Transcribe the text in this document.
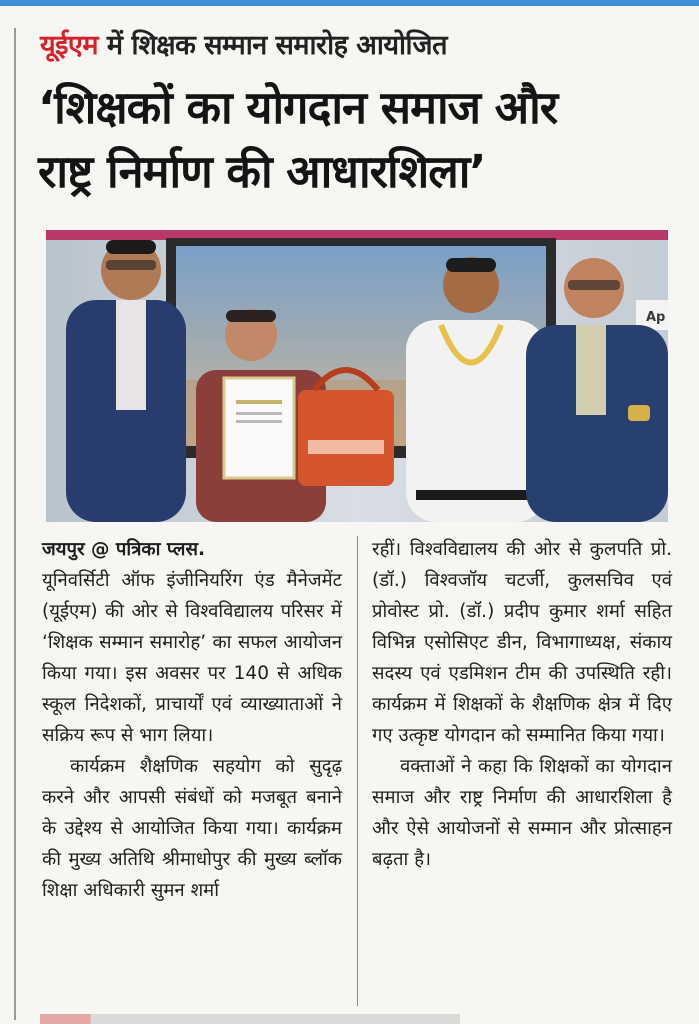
यूईएम में शिक्षक सम्मान समारोह आयोजित
‘शिक्षकों का योगदान समाज और
राष्ट्र निर्माण की आधारशिला’
Ap

जयपुर @ पत्रिका प्लस.

यूनिवर्सिटी ऑफ इंजीनियरिंग एंड मैनेजमेंट (यूईएम) की ओर से विश्वविद्यालय परिसर में ‘शिक्षक सम्मान समारोह’ का सफल आयोजन किया गया। इस अवसर पर 140 से अधिक स्कूल निदेशकों, प्राचार्यों एवं व्याख्याताओं ने सक्रिय रूप से भाग लिया।

कार्यक्रम शैक्षणिक सहयोग को सुदृढ़ करने और आपसी संबंधों को मजबूत बनाने के उद्देश्य से आयोजित किया गया। कार्यक्रम की मुख्य अतिथि श्रीमाधोपुर की मुख्य ब्लॉक शिक्षा अधिकारी सुमन शर्मा

रहीं। विश्वविद्यालय की ओर से कुलपति प्रो. (डॉ.) विश्वजॉय चटर्जी, कुलसचिव एवं प्रोवोस्ट प्रो. (डॉ.) प्रदीप कुमार शर्मा सहित विभिन्न एसोसिएट डीन, विभागाध्यक्ष, संकाय सदस्य एवं एडमिशन टीम की उपस्थिति रही। कार्यक्रम में शिक्षकों के शैक्षणिक क्षेत्र में दिए गए उत्कृष्ट योगदान को सम्मानित किया गया।

वक्ताओं ने कहा कि शिक्षकों का योगदान समाज और राष्ट्र निर्माण की आधारशिला है और ऐसे आयोजनों से सम्मान और प्रोत्साहन बढ़ता है।
